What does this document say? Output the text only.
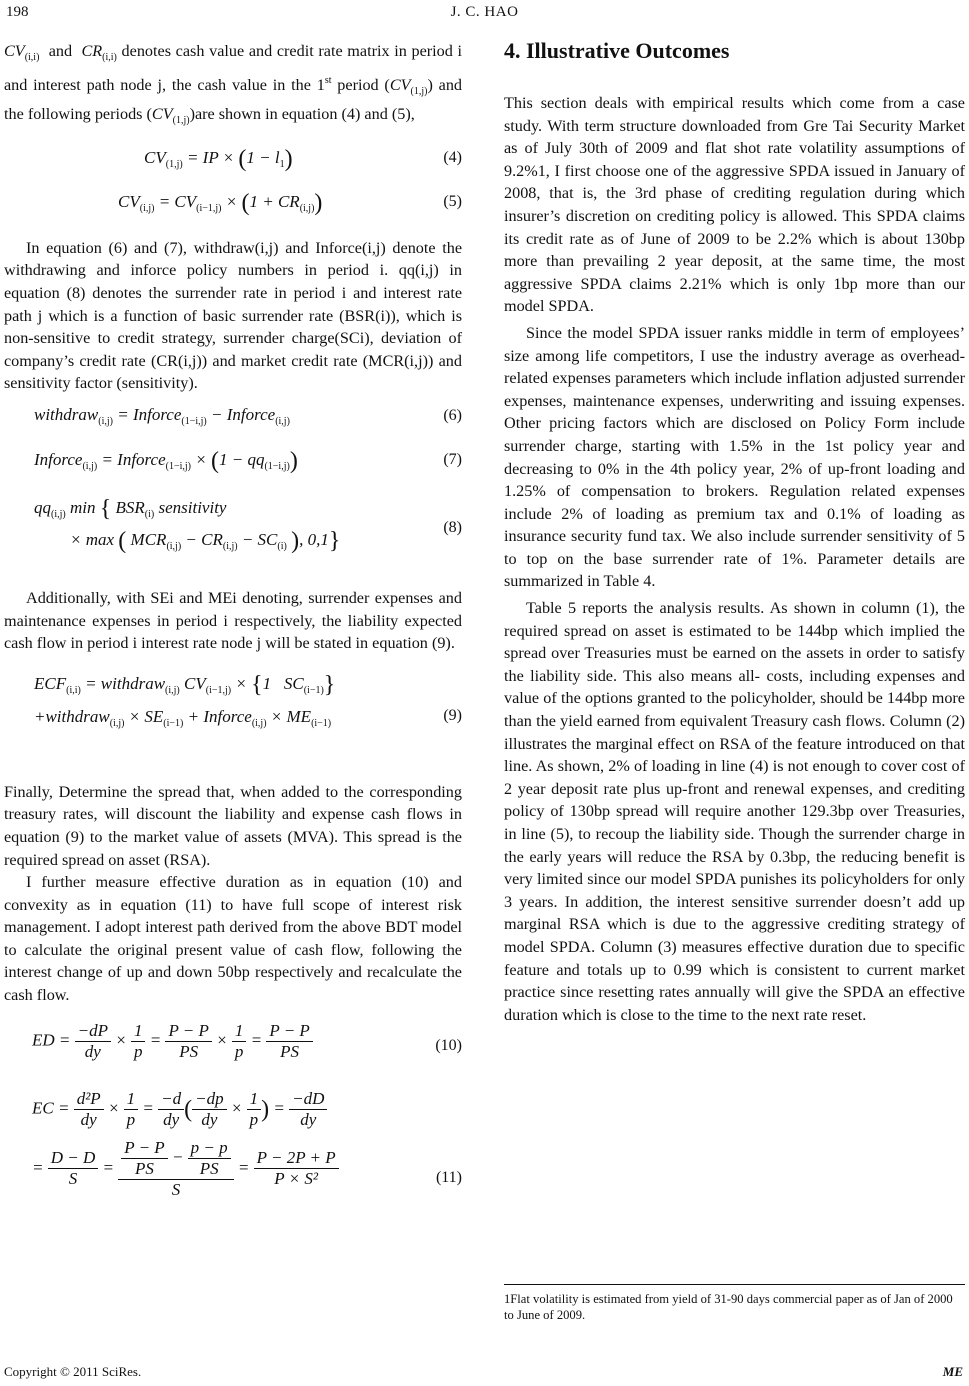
198	J. C. HAO

$CV_{(i,i)}$ and $CR_{(i,i)}$ denotes cash value and credit rate matrix in period i and interest path node j, the cash value in the 1st period $(CV_{(1,j)})$ and the following periods $(CV_{(1,j)})are$ shown in equation (4) and (5),

$CV_{(1,j)}$ = IP × $(1 - l_1)$	(4)
$CV_{(i,j)} = CV_{(i-1,j)} \times (1 + CR_{(i,j)})$	(5)

In equation (6) and (7), withdraw(i,j) and Inforce(i,j) denote the withdrawing and inforce policy numbers in period i. qq(i,j) in equation (8) denotes the surrender rate in period i and interest rate path j which is a function of basic surrender rate (BSR(i)), which is non-sensitive to credit strategy, surrender charge(SCi), deviation of company’s credit rate (CR(i,j)) and market credit rate (MCR(i,j)) and sensitivity factor (sensitivity).

withdraw$_{(i,j)}$ = Inforce$_{(1-i,j)}$ − Inforce$_{(i,j)}$	(6)
Inforce$_{(i,j)}$ = Inforce$_{(1-i,j)}$ × $(1 - qq_{(1-i,j)})$	(7)
$qq_{(i,j)}$ min { $BSR_{(i)}$ sensitivity
× max ( $MCR_{(i,j)} - CR_{(i,j)} - SC_{(i)}$ ), 0,1}
(8)

Additionally, with SEi and MEi denoting, surrender expenses and maintenance expenses in period i respectively, the liability expected cash flow in period i interest rate node j will be stated in equation (9).

$ECF_{(i,i)}$ = withdraw$_{(i,j)}$ $CV_{(i-1,j)} \times \{1$   $SC_{(i-1)}$}
+withdraw$_{(i,j)}$ × $SE_{(i-1)}$ + Inforce$_{(i,j)}$ × $ME_{(i-1)}$	(9)

Finally, Determine the spread that, when added to the corresponding treasury rates, will discount the liability and expense cash flows in equation (9) to the market value of assets (MVA). This spread is the required spread on asset (RSA).

I further measure effective duration as in equation (10) and convexity as in equation (11) to have full scope of interest risk management. I adopt interest path derived from the above BDT model to calculate the original present value of cash flow, following the interest change of up and down 50bp respectively and recalculate the cash flow.

ED = $\frac{-dP}{dy} \times \frac{1}{p} = \frac{P - P}{PS} \times \frac{1}{p} = \frac{P - P}{PS}$	(10)
EC = $\frac{\text{d²P}}{dy} \times \frac{1}{p} = \frac{-d}{dy}$ ( $\frac{-dp}{dy} \times \frac{1}{p}$ ) = $\frac{-dD}{dy}$
= $\frac{D - D}{S} = \frac{\frac{P - P}{PS} - \frac{p - p}{PS}}{S} = \frac{P - 2P + P}{\text{P × S²}}$	(11)
4. Illustrative Outcomes

This section deals with empirical results which come from a case study. With term structure downloaded from Gre Tai Security Market as of July 30th of 2009 and flat shot rate volatility assumptions of 9.2%1, I first choose one of the aggressive SPDA issued in January of 2008, that is, the 3rd phase of crediting regulation during which insurer’s discretion on crediting policy is allowed. This SPDA claims its credit rate as of June of 2009 to be 2.2% which is about 130bp more than prevailing 2 year deposit, at the same time, the most aggressive SPDA claims 2.21% which is only 1bp more than our model SPDA.

Since the model SPDA issuer ranks middle in term of employees’ size among life competitors, I use the industry average as overhead-related expenses parameters which include inflation adjusted surrender expenses, maintenance expenses, underwriting and issuing expenses. Other pricing factors which are disclosed on Policy Form include surrender charge, starting with 1.5% in the 1st policy year and decreasing to 0% in the 4th policy year, 2% of up-front loading and 1.25% of compensation to brokers. Regulation related expenses include 2% of loading as premium tax and 0.1% of loading as insurance security fund tax. We also include surrender sensitivity of 5 to top on the base surrender rate of 1%. Parameter details are summarized in Table 4.

Table 5 reports the analysis results. As shown in column (1), the required spread on asset is estimated to be 144bp which implied the spread over Treasuries must be earned on the assets in order to satisfy the liability side. This also means all- costs, including expenses and value of the options granted to the policyholder, should be 144bp more than the yield earned from equivalent Treasury cash flows. Column (2) illustrates the marginal effect on RSA of the feature introduced on that line. As shown, 2% of loading in line (4) is not enough to cover cost of 2 year deposit rate plus up-front and renewal expenses, and crediting policy of 130bp spread will require another 129.3bp over Treasuries, in line (5), to recoup the liability side. Though the surrender charge in the early years will reduce the RSA by 0.3bp, the reducing benefit is very limited since our model SPDA punishes its policyholders for only 3 years. In addition, the interest sensitive surrender doesn’t add up marginal RSA which is due to the aggressive crediting strategy of model SPDA. Column (3) measures effective duration due to specific feature and totals up to 0.99 which is consistent to current market practice since resetting rates annually will give the SPDA an effective duration which is close to the time to the next rate reset.

1Flat volatility is estimated from yield of 31-90 days commercial paper as of Jan of 2000 to June of 2009.
Copyright © 2011 SciRes.	ME
